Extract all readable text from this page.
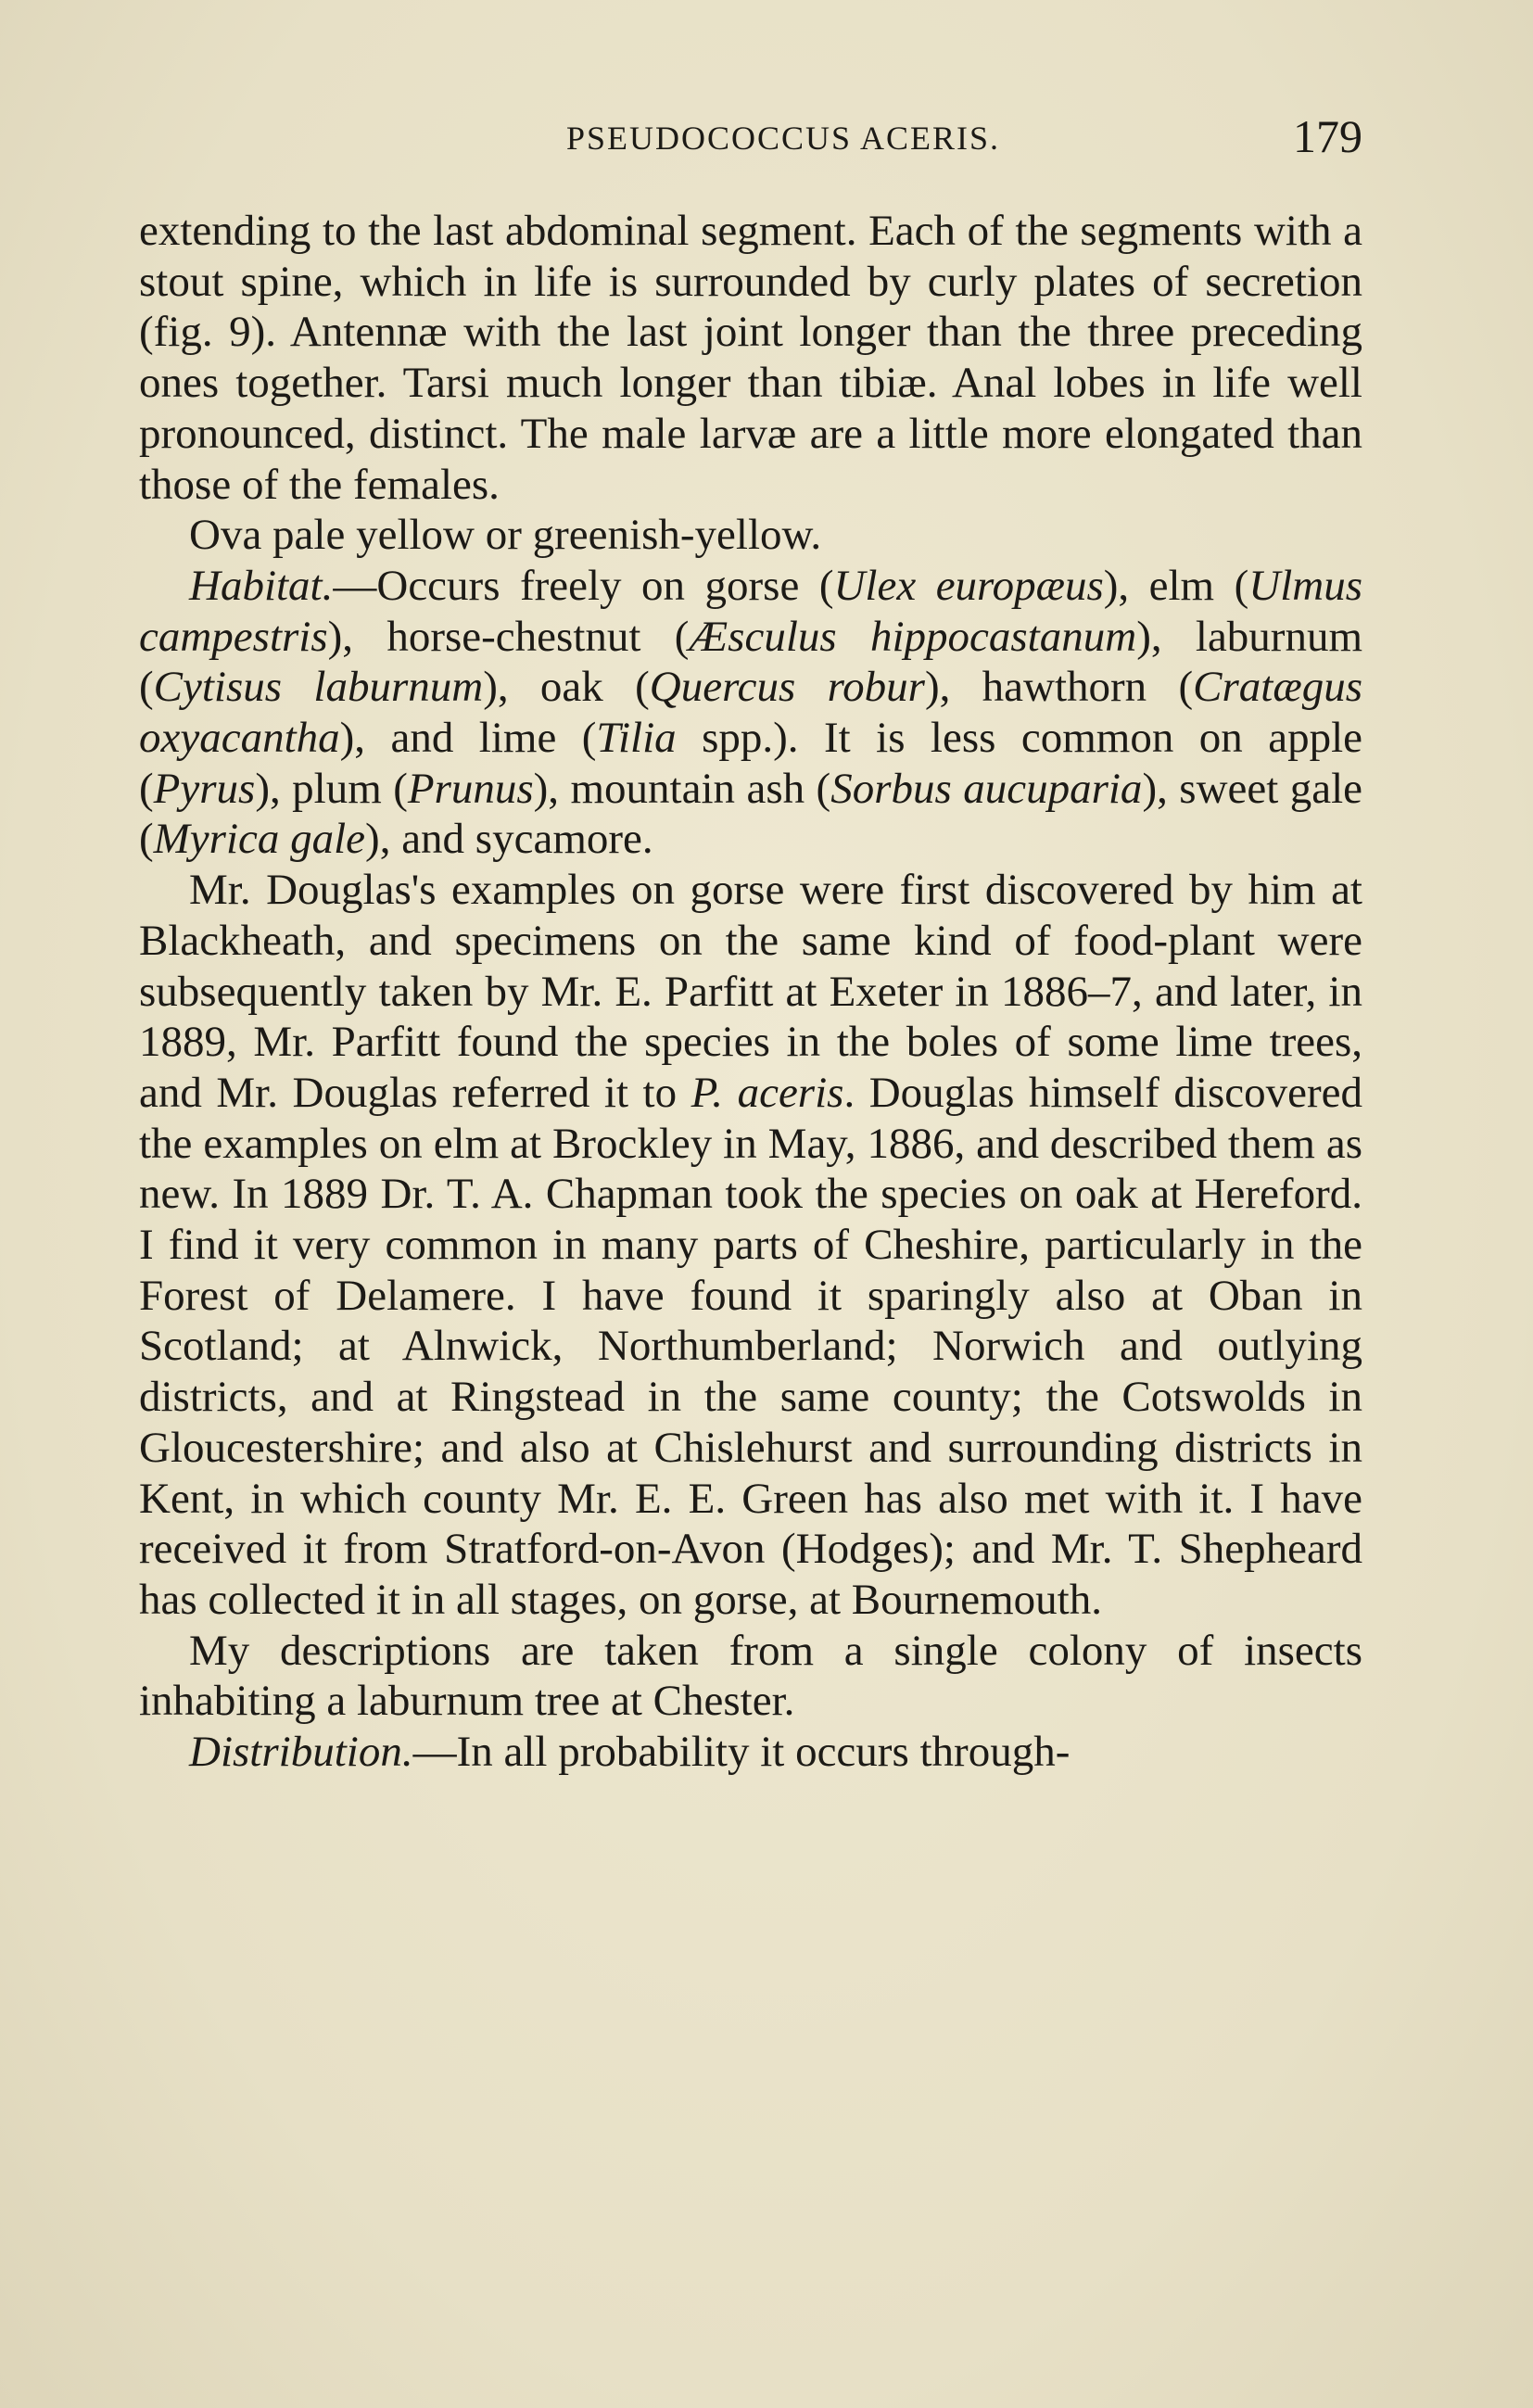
PSEUDOCOCCUS ACERIS.	179

extending to the last abdominal segment. Each of the segments with a stout spine, which in life is surrounded by curly plates of secretion (fig. 9). Antennæ with the last joint longer than the three preceding ones together. Tarsi much longer than tibiæ. Anal lobes in life well pronounced, distinct. The male larvæ are a little more elongated than those of the females.

Ova pale yellow or greenish-yellow.

Habitat.—Occurs freely on gorse (Ulex europæus), elm (Ulmus campestris), horse-chestnut (Æsculus hippocastanum), laburnum (Cytisus laburnum), oak (Quercus robur), hawthorn (Cratægus oxyacantha), and lime (Tilia spp.). It is less common on apple (Pyrus), plum (Prunus), mountain ash (Sorbus aucuparia), sweet gale (Myrica gale), and sycamore.

Mr. Douglas's examples on gorse were first discovered by him at Blackheath, and specimens on the same kind of food-plant were subsequently taken by Mr. E. Parfitt at Exeter in 1886–7, and later, in 1889, Mr. Parfitt found the species in the boles of some lime trees, and Mr. Douglas referred it to P. aceris. Douglas himself discovered the examples on elm at Brockley in May, 1886, and described them as new. In 1889 Dr. T. A. Chapman took the species on oak at Hereford. I find it very common in many parts of Cheshire, particularly in the Forest of Delamere. I have found it sparingly also at Oban in Scotland; at Alnwick, Northumberland; Norwich and outlying districts, and at Ringstead in the same county; the Cotswolds in Gloucestershire; and also at Chislehurst and surrounding districts in Kent, in which county Mr. E. E. Green has also met with it. I have received it from Stratford-on-Avon (Hodges); and Mr. T. Shepheard has collected it in all stages, on gorse, at Bournemouth.

My descriptions are taken from a single colony of insects inhabiting a laburnum tree at Chester.

Distribution.—In all probability it occurs through-
